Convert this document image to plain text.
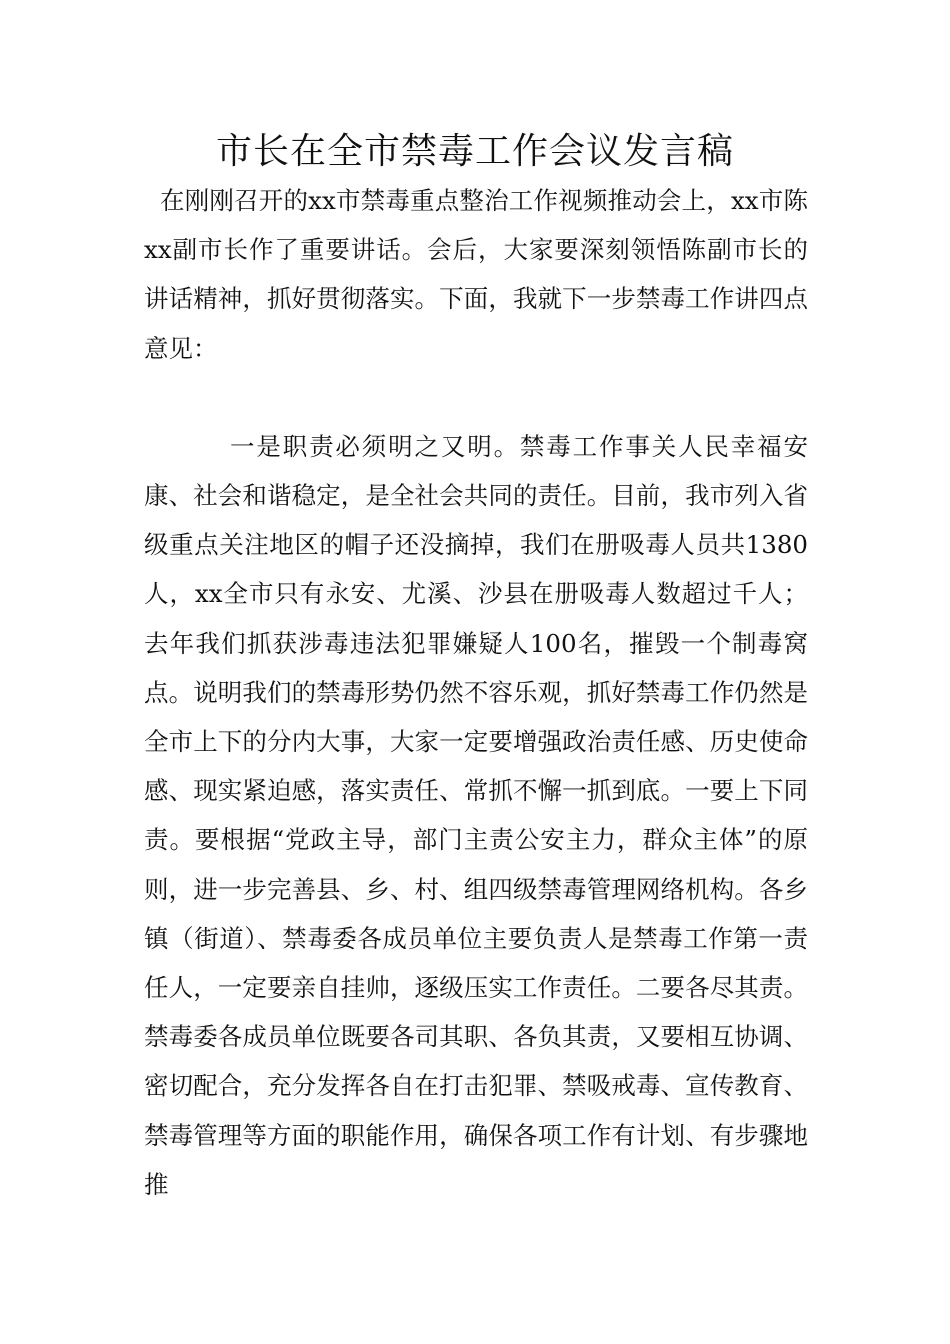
市长在全市禁毒工作会议发言稿

在刚刚召开的xx市禁毒重点整治工作视频推动会上，xx市陈xx副市长作了重要讲话。会后，大家要深刻领悟陈副市长的讲话精神，抓好贯彻落实。下面，我就下一步禁毒工作讲四点意见：

一是职责必须明之又明。禁毒工作事关人民幸福安康、社会和谐稳定，是全社会共同的责任。目前，我市列入省级重点关注地区的帽子还没摘掉，我们在册吸毒人员共1380人，xx全市只有永安、尤溪、沙县在册吸毒人数超过千人；去年我们抓获涉毒违法犯罪嫌疑人100名，摧毁一个制毒窝点。说明我们的禁毒形势仍然不容乐观，抓好禁毒工作仍然是全市上下的分内大事，大家一定要增强政治责任感、历史使命感、现实紧迫感，落实责任、常抓不懈一抓到底。一要上下同责。要根据“党政主导，部门主责公安主力，群众主体”的原则，进一步完善县、乡、村、组四级禁毒管理网络机构。各乡镇（街道）、禁毒委各成员单位主要负责人是禁毒工作第一责任人，一定要亲自挂帅，逐级压实工作责任。二要各尽其责。禁毒委各成员单位既要各司其职、各负其责，又要相互协调、密切配合，充分发挥各自在打击犯罪、禁吸戒毒、宣传教育、禁毒管理等方面的职能作用，确保各项工作有计划、有步骤地推
